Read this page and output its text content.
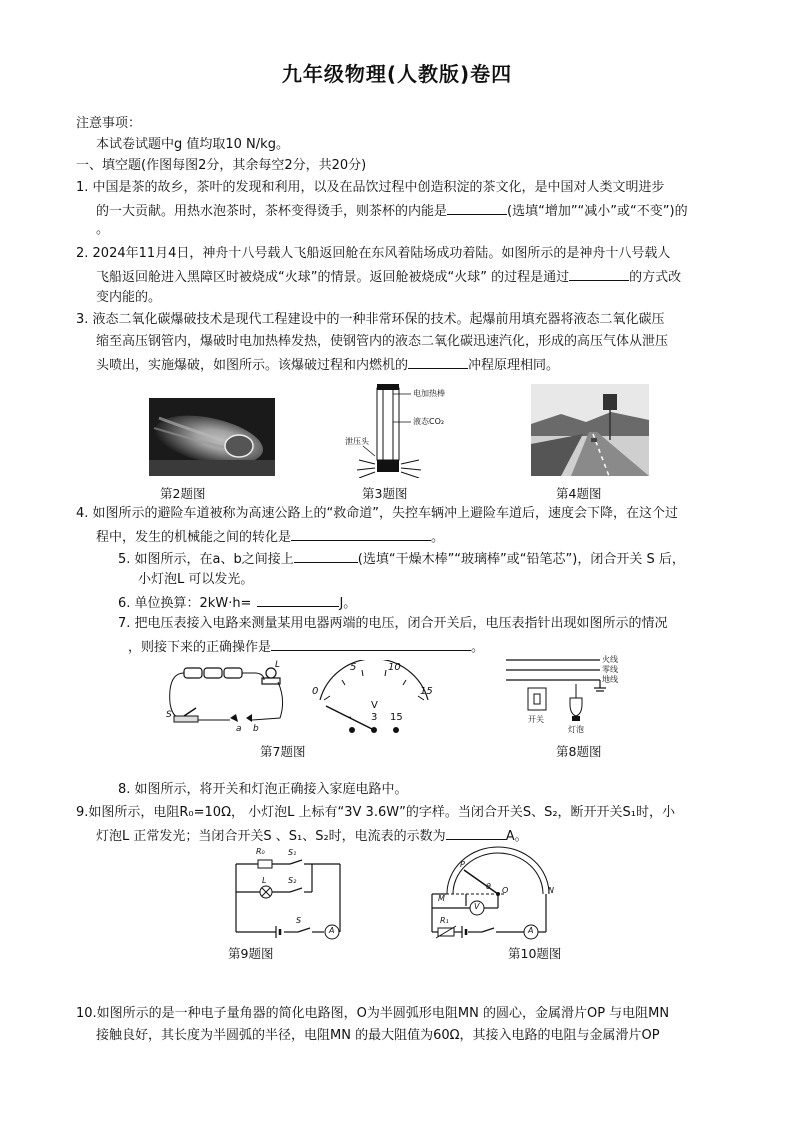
九年级物理(人教版)卷四
注意事项：
本试卷试题中g 值均取10 N/kg。
一、填空题(作图每图2分，其余每空2分，共20分)
1. 中国是茶的故乡，茶叶的发现和利用，以及在品饮过程中创造积淀的茶文化，是中国对人类文明进步
的一大贡献。用热水泡茶时，茶杯变得烫手，则茶杯的内能是	(选填“增加”“减小”或“不变”)的
。
2. 2024年11月4日，神舟十八号载人飞船返回舱在东风着陆场成功着陆。如图所示的是神舟十八号载人
飞船返回舱进入黑障区时被烧成“火球”的情景。返回舱被烧成“火球” 的过程是通过	的方式改
变内能的。
3. 液态二氧化碳爆破技术是现代工程建设中的一种非常环保的技术。起爆前用填充器将液态二氧化碳压
缩至高压钢管内，爆破时电加热棒发热，使钢管内的液态二氧化碳迅速汽化，形成的高压气体从泄压
头喷出，实施爆破，如图所示。该爆破过程和内燃机的	冲程原理相同。
第2题图
电加热棒
液态CO₂
泄压头
第3题图	第4题图
4. 如图所示的避险车道被称为高速公路上的“救命道”，失控车辆冲上避险车道后，速度会下降，在这个过
程中，发生的机械能之间的转化是	。
5. 如图所示，在a、b之间接上	(选填“干燥木棒”“玻璃棒”或“铅笔芯”)，闭合开关 S 后，
小灯泡L 可以发光。
6. 单位换算：2kW·h=	J。
7. 把电压表接入电路来测量某用电器两端的电压，闭合开关后，电压表指针出现如图所示的情况
，则接下来的正确操作是	。
S
L
a b
0
5	10
15
V
- 3 15
火线
零线
地线
开关
灯泡
第7题图	第8题图
8. 如图所示，将开关和灯泡正确接入家庭电路中。
9.如图所示，电阻R₀=10Ω， 小灯泡L 上标有“3V 3.6W”的字样。当闭合开关S、S₂，断开开关S₁时，小
灯泡L 正常发光；当闭合开关S 、S₁、S₂时，电流表的示数为	A。
R₀	S₁
L	S₂
S
A
P
O
θ
M
N
V
R₁
A
第9题图	第10题图
10.如图所示的是一种电子量角器的简化电路图，O为半圆弧形电阻MN 的圆心，金属滑片OP 与电阻MN
接触良好，其长度为半圆弧的半径，电阻MN 的最大阻值为60Ω，其接入电路的电阻与金属滑片OP
